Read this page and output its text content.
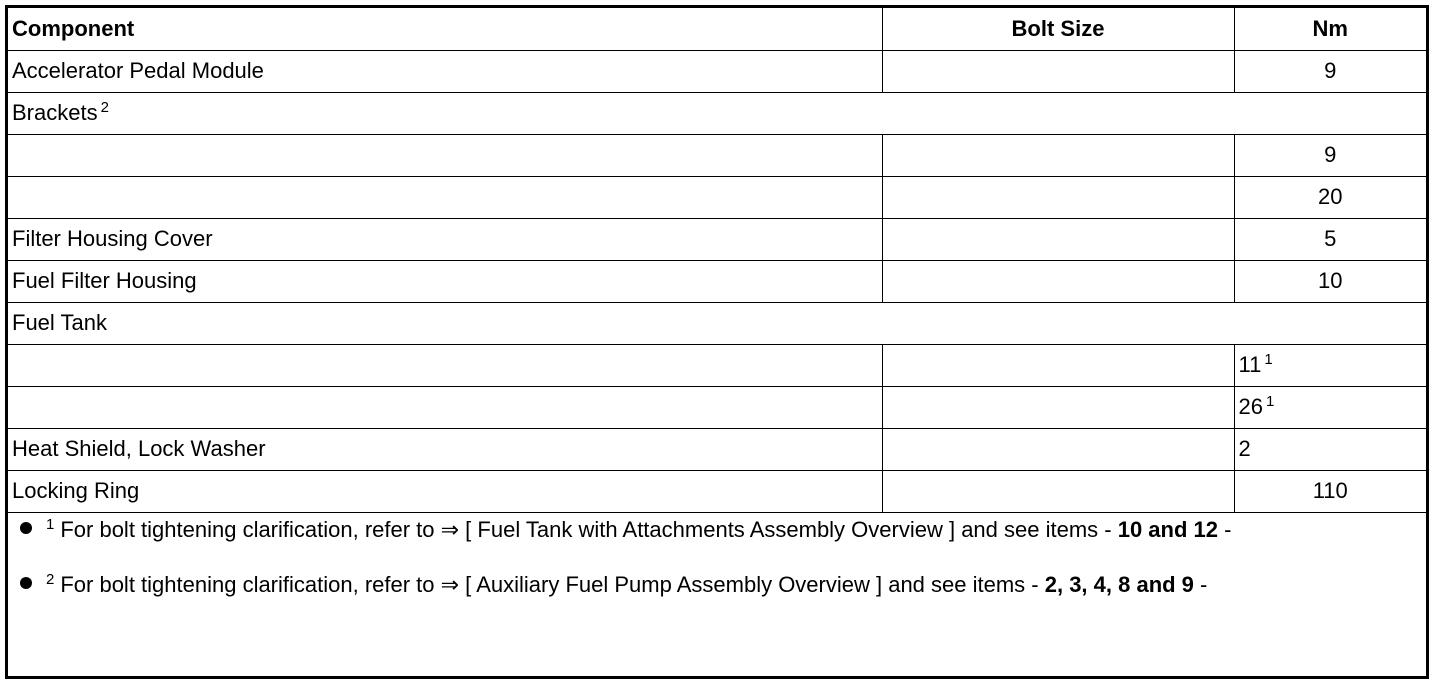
Component	Bolt Size	Nm
Accelerator Pedal Module		9
Brackets $^2$
		9
		20
Filter Housing Cover		5
Fuel Filter Housing		10
Fuel Tank		
		11 $^1$
		26 $^1$
Heat Shield, Lock Washer		2
Locking Ring		110
$^1$ For bolt tightening clarification, refer to ⇒ [ Fuel Tank with Attachments Assembly Overview ] and see items - 10 and 12 -
$^2$ For bolt tightening clarification, refer to ⇒ [ Auxiliary Fuel Pump Assembly Overview ] and see items - 2, 3, 4, 8 and 9 -
